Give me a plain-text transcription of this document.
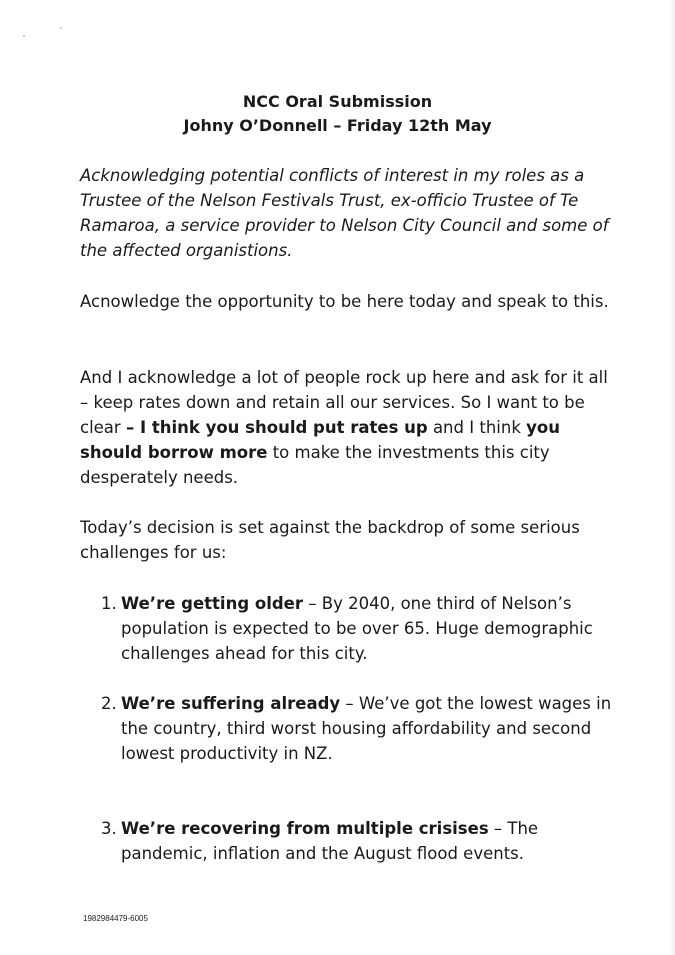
NCC Oral Submission
Johny O’Donnell – Friday 12th May

Acknowledging potential conflicts of interest in my roles as a Trustee of the Nelson Festivals Trust, ex-officio Trustee of Te Ramaroa, a service provider to Nelson City Council and some of the affected organistions.

Acnowledge the opportunity to be here today and speak to this.

And I acknowledge a lot of people rock up here and ask for it all – keep rates down and retain all our services. So I want to be clear – I think you should put rates up and I think you should borrow more to make the investments this city desperately needs.

Today’s decision is set against the backdrop of some serious challenges for us:

1. We’re getting older – By 2040, one third of Nelson’s population is expected to be over 65. Huge demographic challenges ahead for this city.
2. We’re suffering already – We’ve got the lowest wages in the country, third worst housing affordability and second lowest productivity in NZ.
3. We’re recovering from multiple crisises – The pandemic, inflation and the August flood events.
1982984479-6005
